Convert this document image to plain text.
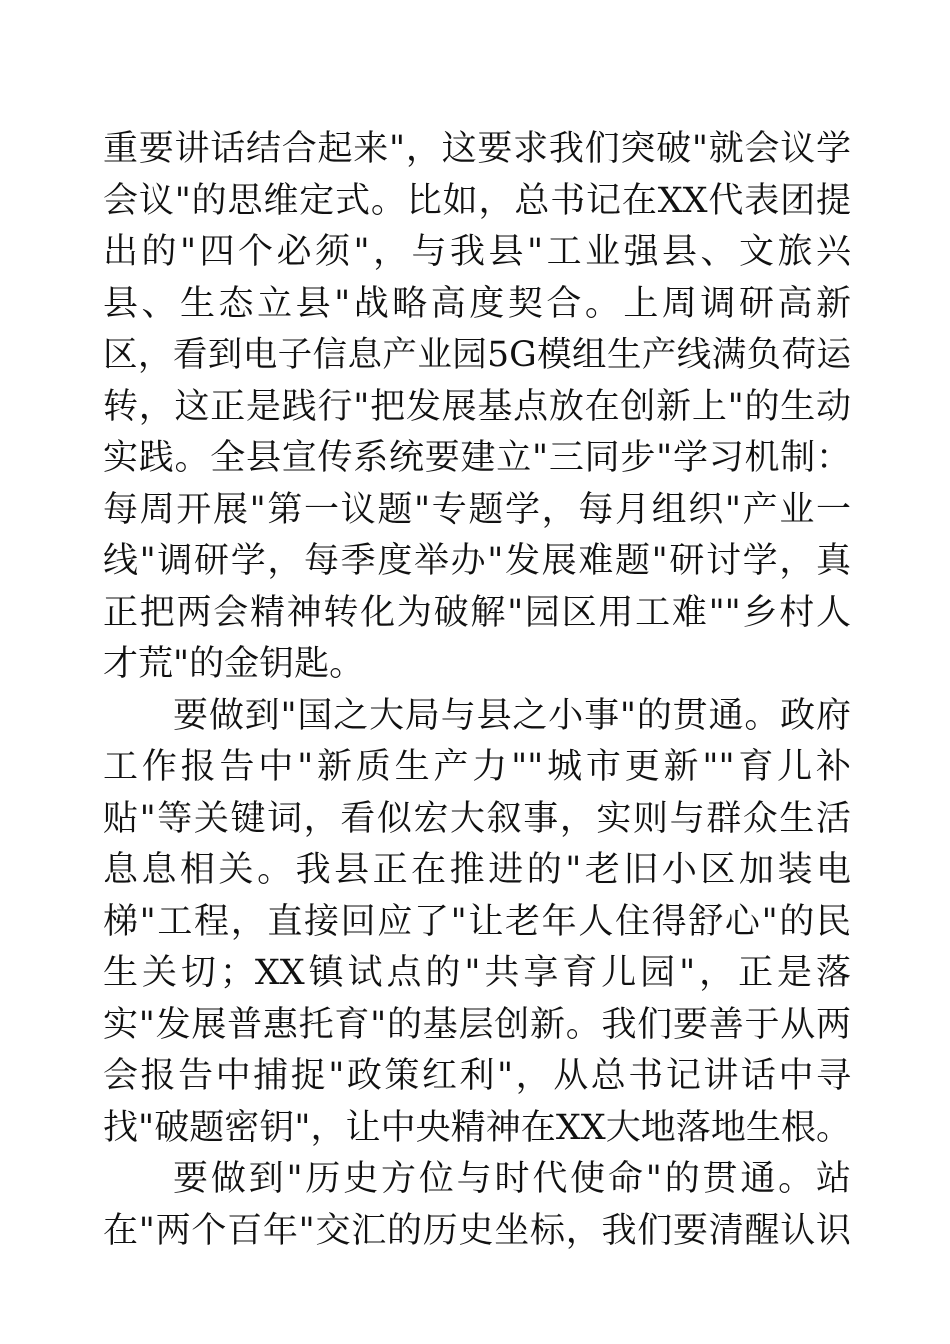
重要讲话结合起来"，这要求我们突破"就会议学
会议"的思维定式。比如，总书记在XX代表团提
出的"四个必须"，与我县"工业强县、文旅兴
县、生态立县"战略高度契合。上周调研高新
区，看到电子信息产业园5G模组生产线满负荷运
转，这正是践行"把发展基点放在创新上"的生动
实践。全县宣传系统要建立"三同步"学习机制：
每周开展"第一议题"专题学，每月组织"产业一
线"调研学，每季度举办"发展难题"研讨学，真
正把两会精神转化为破解"园区用工难""乡村人
才荒"的金钥匙。
要做到"国之大局与县之小事"的贯通。政府
工作报告中"新质生产力""城市更新""育儿补
贴"等关键词，看似宏大叙事，实则与群众生活
息息相关。我县正在推进的"老旧小区加装电
梯"工程，直接回应了"让老年人住得舒心"的民
生关切；XX镇试点的"共享育儿园"，正是落
实"发展普惠托育"的基层创新。我们要善于从两
会报告中捕捉"政策红利"，从总书记讲话中寻
找"破题密钥"，让中央精神在XX大地落地生根。
要做到"历史方位与时代使命"的贯通。站
在"两个百年"交汇的历史坐标，我们要清醒认识
